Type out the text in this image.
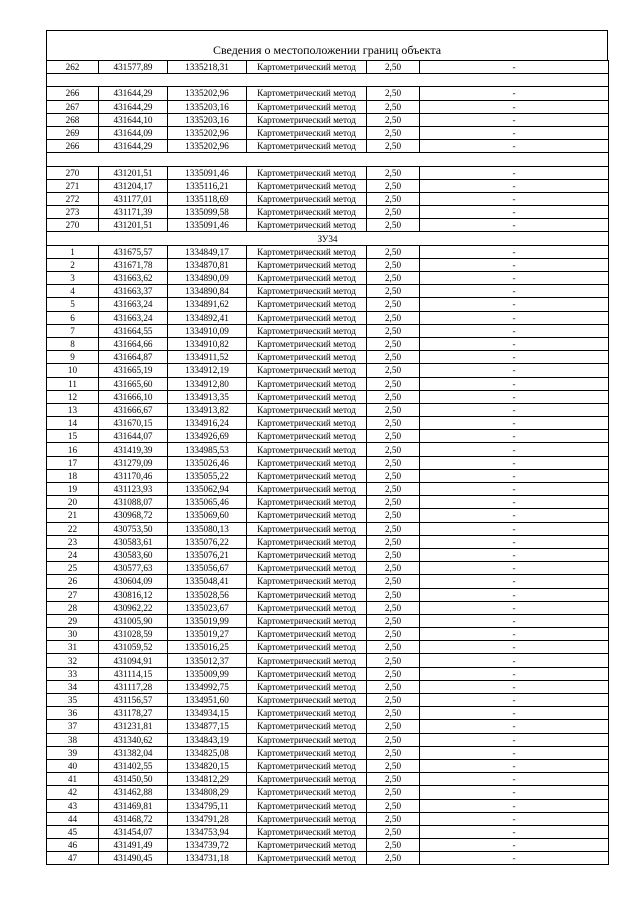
Сведения о местоположении границ объекта
262	431577,89	1335218,31	Картометрический метод	2,50	-

266	431644,29	1335202,96	Картометрический метод	2,50	-
267	431644,29	1335203,16	Картометрический метод	2,50	-
268	431644,10	1335203,16	Картометрический метод	2,50	-
269	431644,09	1335202,96	Картометрический метод	2,50	-
266	431644,29	1335202,96	Картометрический метод	2,50	-

270	431201,51	1335091,46	Картометрический метод	2,50	-
271	431204,17	1335116,21	Картометрический метод	2,50	-
272	431177,01	1335118,69	Картометрический метод	2,50	-
273	431171,39	1335099,58	Картометрический метод	2,50	-
270	431201,51	1335091,46	Картометрический метод	2,50	-
ЗУ34					
1	431675,57	1334849,17	Картометрический метод	2,50	-
2	431671,78	1334870,81	Картометрический метод	2,50	-
3	431663,62	1334890,09	Картометрический метод	2,50	-
4	431663,37	1334890,84	Картометрический метод	2,50	-
5	431663,24	1334891,62	Картометрический метод	2,50	-
6	431663,24	1334892,41	Картометрический метод	2,50	-
7	431664,55	1334910,09	Картометрический метод	2,50	-
8	431664,66	1334910,82	Картометрический метод	2,50	-
9	431664,87	1334911,52	Картометрический метод	2,50	-
10	431665,19	1334912,19	Картометрический метод	2,50	-
11	431665,60	1334912,80	Картометрический метод	2,50	-
12	431666,10	1334913,35	Картометрический метод	2,50	-
13	431666,67	1334913,82	Картометрический метод	2,50	-
14	431670,15	1334916,24	Картометрический метод	2,50	-
15	431644,07	1334926,69	Картометрический метод	2,50	-
16	431419,39	1334985,53	Картометрический метод	2,50	-
17	431279,09	1335026,46	Картометрический метод	2,50	-
18	431170,46	1335055,22	Картометрический метод	2,50	-
19	431123,93	1335062,94	Картометрический метод	2,50	-
20	431088,07	1335065,46	Картометрический метод	2,50	-
21	430968,72	1335069,60	Картометрический метод	2,50	-
22	430753,50	1335080,13	Картометрический метод	2,50	-
23	430583,61	1335076,22	Картометрический метод	2,50	-
24	430583,60	1335076,21	Картометрический метод	2,50	-
25	430577,63	1335056,67	Картометрический метод	2,50	-
26	430604,09	1335048,41	Картометрический метод	2,50	-
27	430816,12	1335028,56	Картометрический метод	2,50	-
28	430962,22	1335023,67	Картометрический метод	2,50	-
29	431005,90	1335019,99	Картометрический метод	2,50	-
30	431028,59	1335019,27	Картометрический метод	2,50	-
31	431059,52	1335016,25	Картометрический метод	2,50	-
32	431094,91	1335012,37	Картометрический метод	2,50	-
33	431114,15	1335009,99	Картометрический метод	2,50	-
34	431117,28	1334992,75	Картометрический метод	2,50	-
35	431156,57	1334951,60	Картометрический метод	2,50	-
36	431178,27	1334934,15	Картометрический метод	2,50	-
37	431231,81	1334877,15	Картометрический метод	2,50	-
38	431340,62	1334843,19	Картометрический метод	2,50	-
39	431382,04	1334825,08	Картометрический метод	2,50	-
40	431402,55	1334820,15	Картометрический метод	2,50	-
41	431450,50	1334812,29	Картометрический метод	2,50	-
42	431462,88	1334808,29	Картометрический метод	2,50	-
43	431469,81	1334795,11	Картометрический метод	2,50	-
44	431468,72	1334791,28	Картометрический метод	2,50	-
45	431454,07	1334753,94	Картометрический метод	2,50	-
46	431491,49	1334739,72	Картометрический метод	2,50	-
47	431490,45	1334731,18	Картометрический метод	2,50	-
